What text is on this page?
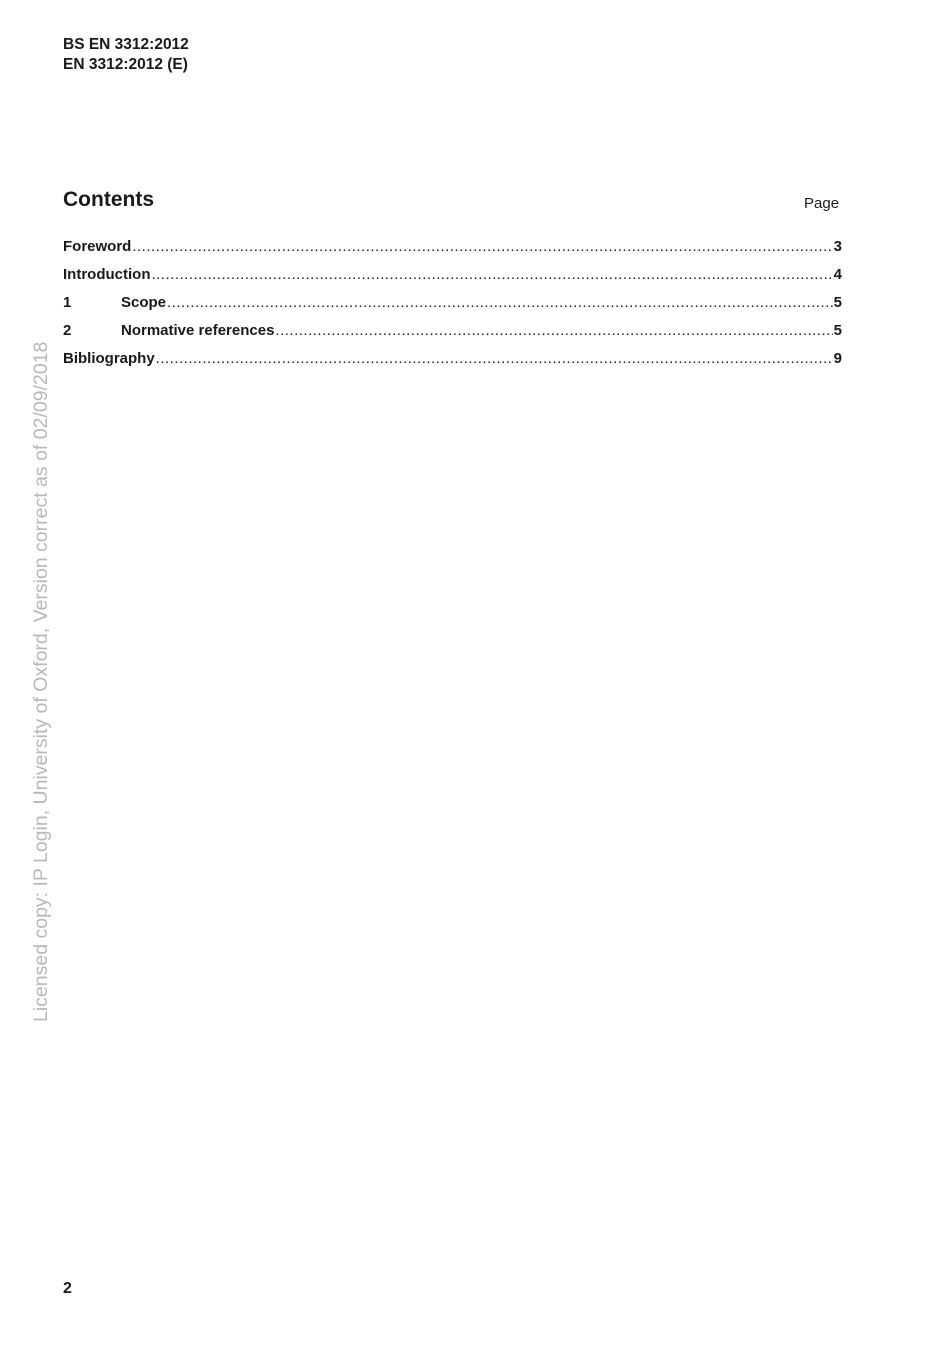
BS EN 3312:2012
EN 3312:2012 (E)
Contents	Page
Foreword .....	3
Introduction .....	4
1	Scope .....	5
2	Normative references .....	5
Bibliography .....	9
Licensed copy: IP Login, University of Oxford, Version correct as of 02/09/2018
2
